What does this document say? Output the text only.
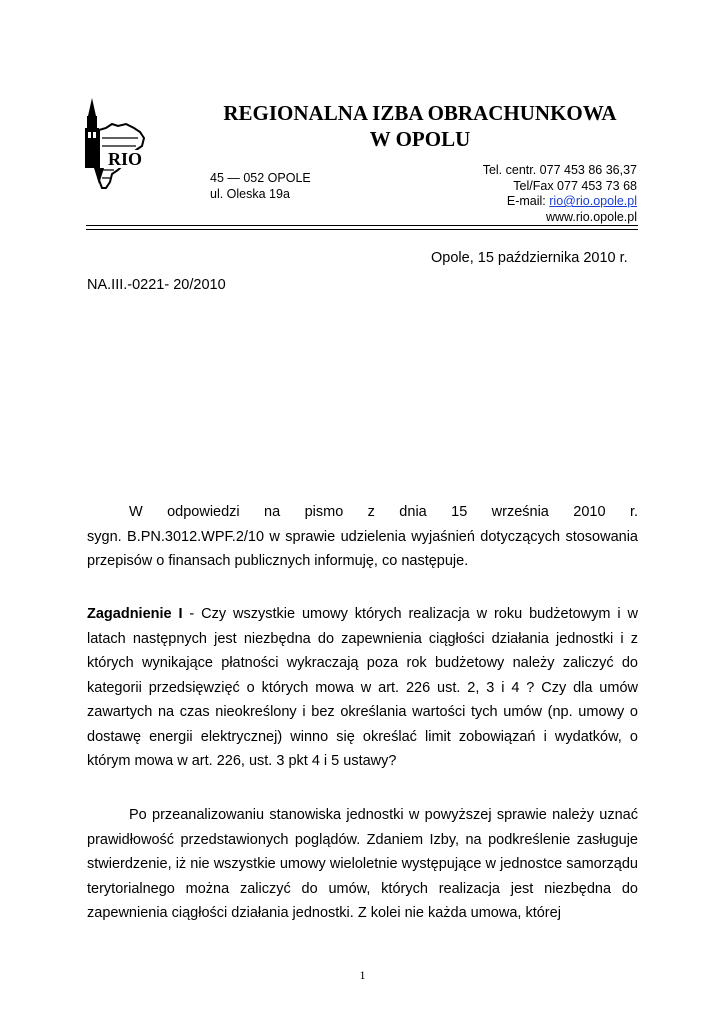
RIO
REGIONALNA IZBA OBRACHUNKOWA
W OPOLU
45 — 052 OPOLE
ul. Oleska 19a
Tel. centr. 077 453 86 36,37
Tel/Fax 077 453 73 68
E-mail: rio@rio.opole.pl
www.rio.opole.pl
Opole, 15 października 2010 r.
NA.III.-0221- 20/2010
W odpowiedzi na pismo z dnia 15 września 2010 r.
sygn. B.PN.3012.WPF.2/10 w sprawie udzielenia wyjaśnień dotyczących stosowania przepisów o finansach publicznych informuję, co następuje.

Zagadnienie I - Czy wszystkie umowy których realizacja w roku budżetowym i w latach następnych jest niezbędna do zapewnienia ciągłości działania jednostki i z których wynikające płatności wykraczają poza rok budżetowy należy zaliczyć do kategorii przedsięwzięć o których mowa w art. 226 ust. 2, 3 i 4 ? Czy dla umów zawartych na czas nieokreślony i bez określania wartości tych umów (np. umowy o dostawę energii elektrycznej) winno się określać limit zobowiązań i wydatków, o którym mowa w art. 226, ust. 3 pkt 4 i 5 ustawy?

Po przeanalizowaniu stanowiska jednostki w powyższej sprawie należy uznać prawidłowość przedstawionych poglądów. Zdaniem Izby, na podkreślenie zasługuje stwierdzenie, iż nie wszystkie umowy wieloletnie występujące w jednostce samorządu terytorialnego można zaliczyć do umów, których realizacja jest niezbędna do zapewnienia ciągłości działania jednostki. Z kolei nie każda umowa, której

1
